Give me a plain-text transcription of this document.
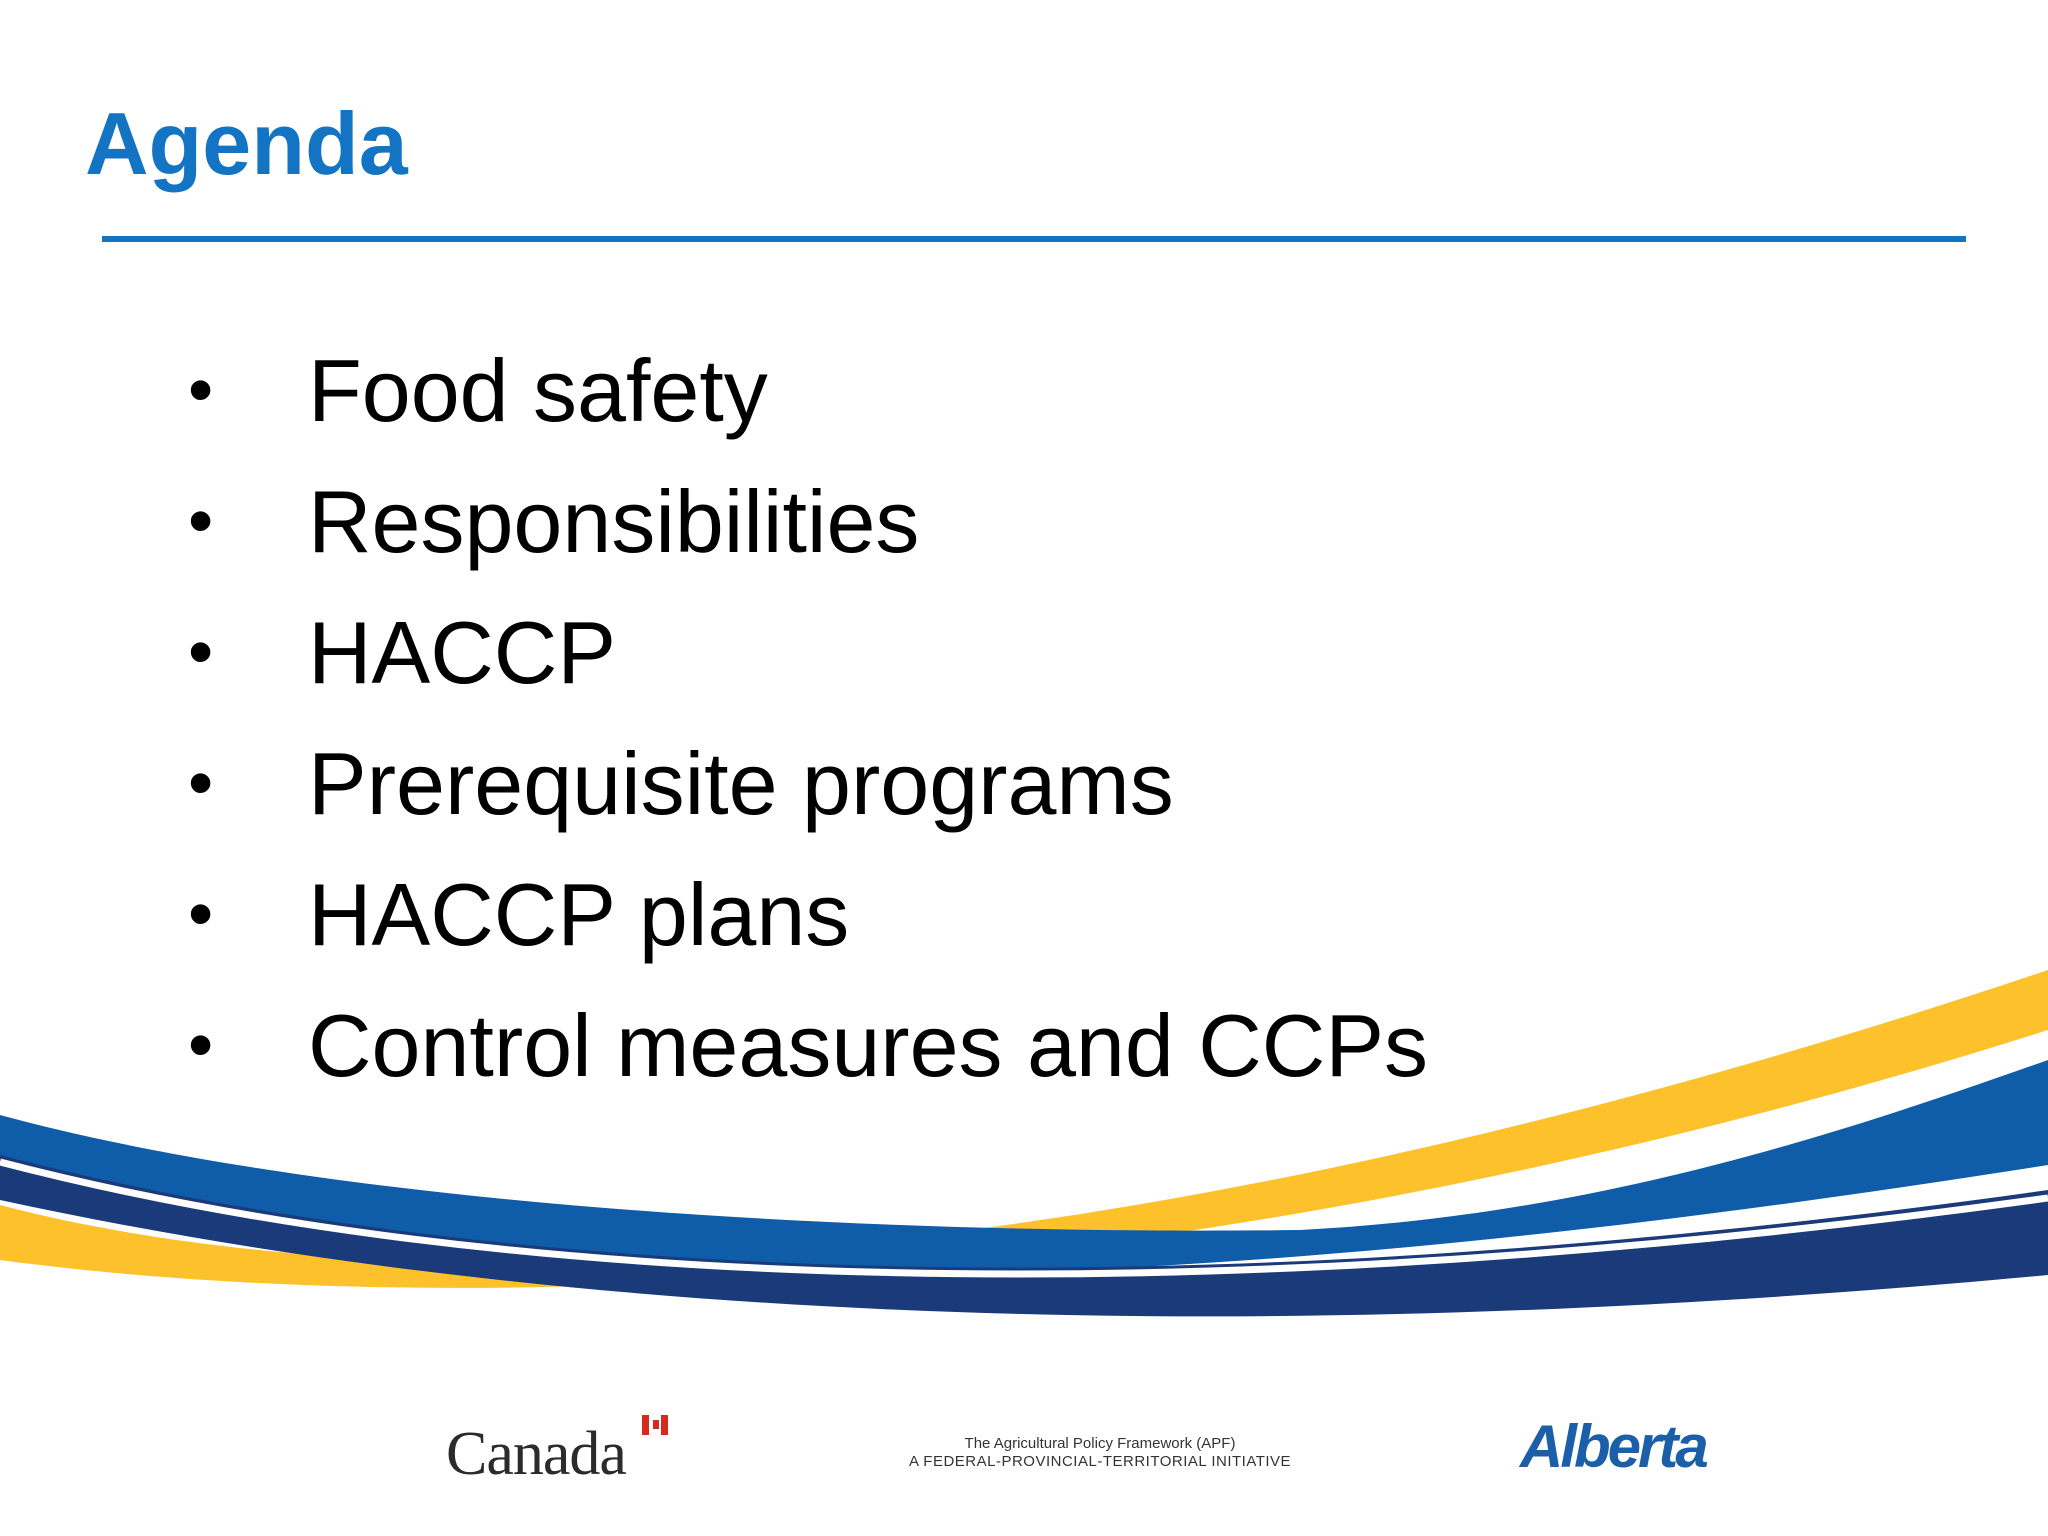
Agenda
• Food safety
• Responsibilities
• HACCP
• Prerequisite programs
• HACCP plans
• Control measures and CCPs
Canada	The Agricultural Policy Framework (APF)
A FEDERAL-PROVINCIAL-TERRITORIAL INITIATIVE	Alberta
